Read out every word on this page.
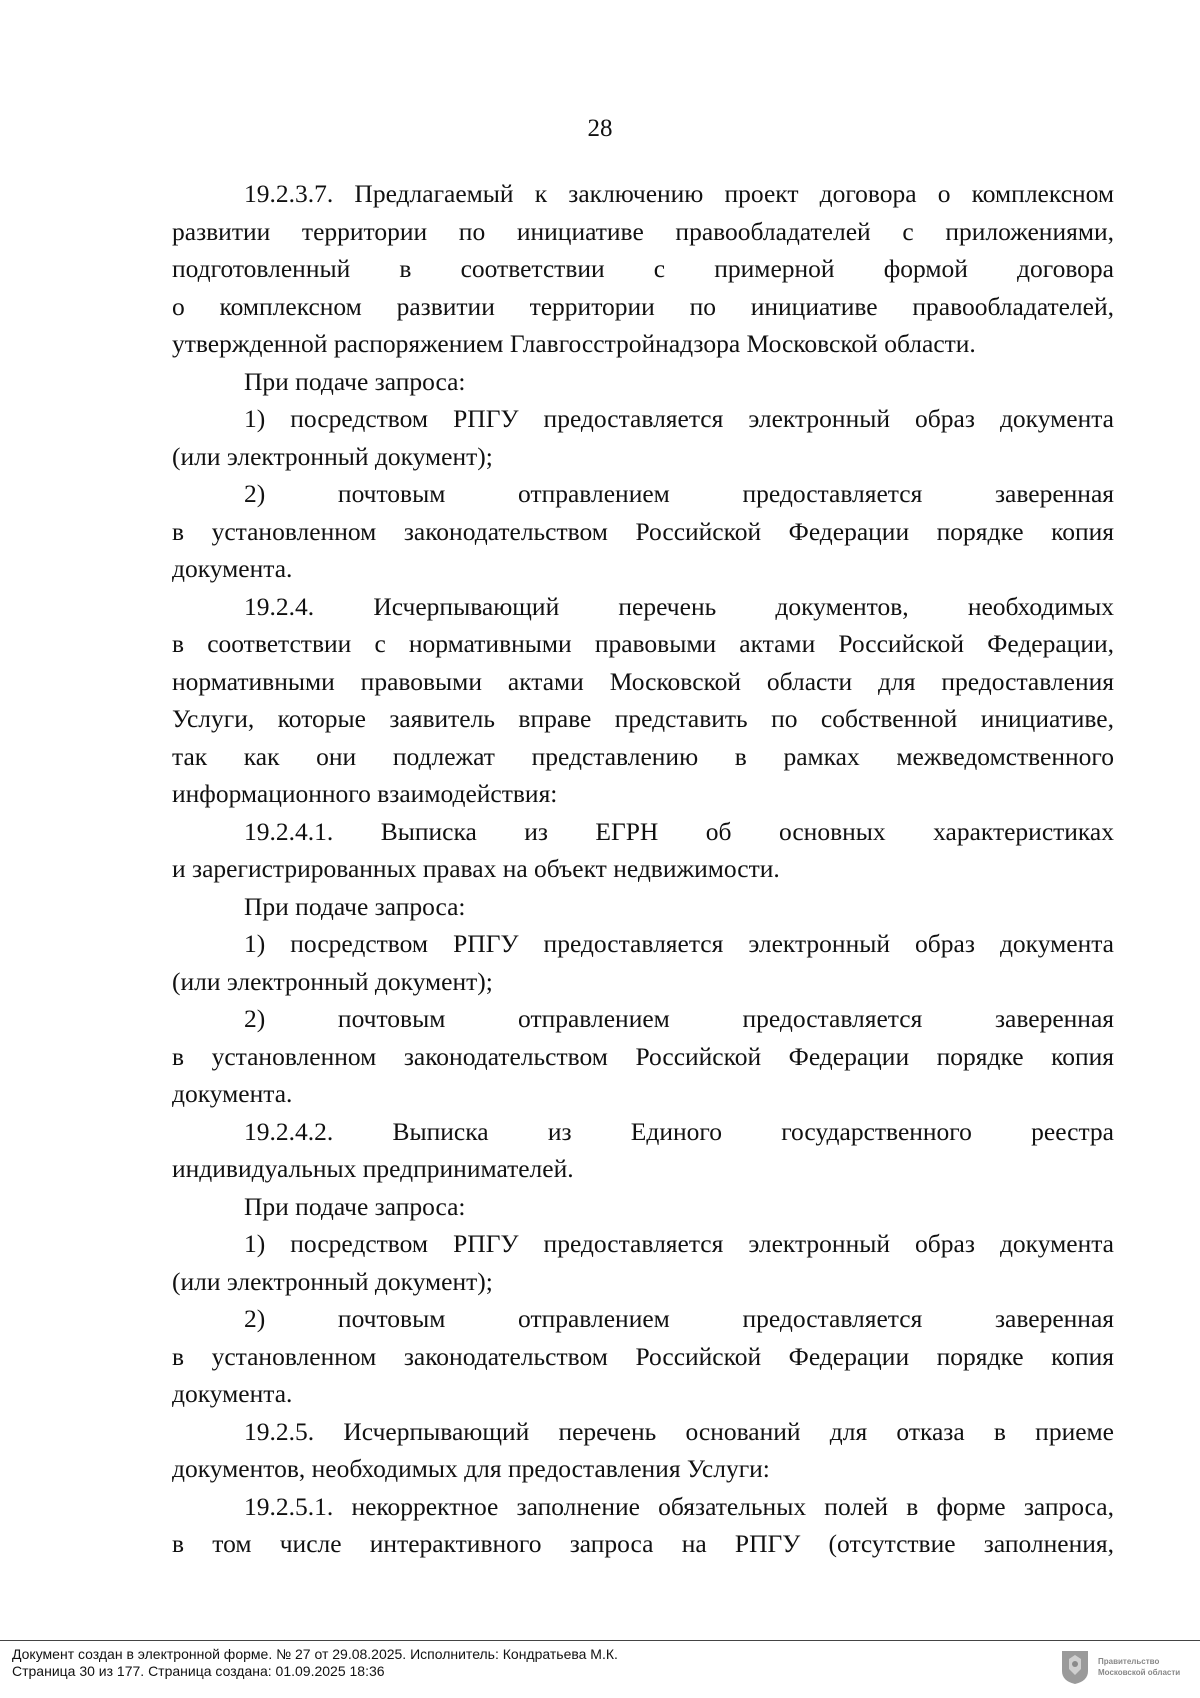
28
19.2.3.7. Предлагаемый к заключению проект договора о комплексном
развитии территории по инициативе правообладателей с приложениями,
подготовленный в соответствии с примерной формой договора
о комплексном развитии территории по инициативе правообладателей,
утвержденной распоряжением Главгосстройнадзора Московской области.
При подаче запроса:
1) посредством РПГУ предоставляется электронный образ документа
(или электронный документ);
2) почтовым отправлением предоставляется заверенная
в установленном законодательством Российской Федерации порядке копия
документа.
19.2.4. Исчерпывающий перечень документов, необходимых
в соответствии с нормативными правовыми актами Российской Федерации,
нормативными правовыми актами Московской области для предоставления
Услуги, которые заявитель вправе представить по собственной инициативе,
так как они подлежат представлению в рамках межведомственного
информационного взаимодействия:
19.2.4.1. Выписка из ЕГРН об основных характеристиках
и зарегистрированных правах на объект недвижимости.
При подаче запроса:
1) посредством РПГУ предоставляется электронный образ документа
(или электронный документ);
2) почтовым отправлением предоставляется заверенная
в установленном законодательством Российской Федерации порядке копия
документа.
19.2.4.2. Выписка из Единого государственного реестра
индивидуальных предпринимателей.
При подаче запроса:
1) посредством РПГУ предоставляется электронный образ документа
(или электронный документ);
2) почтовым отправлением предоставляется заверенная
в установленном законодательством Российской Федерации порядке копия
документа.
19.2.5. Исчерпывающий перечень оснований для отказа в приеме
документов, необходимых для предоставления Услуги:
19.2.5.1. некорректное заполнение обязательных полей в форме запроса,
в том числе интерактивного запроса на РПГУ (отсутствие заполнения,
Документ создан в электронной форме. № 27 от 29.08.2025. Исполнитель: Кондратьева М.К.
Страница 30 из 177. Страница создана: 01.09.2025 18:36
Правительство
Московской области
